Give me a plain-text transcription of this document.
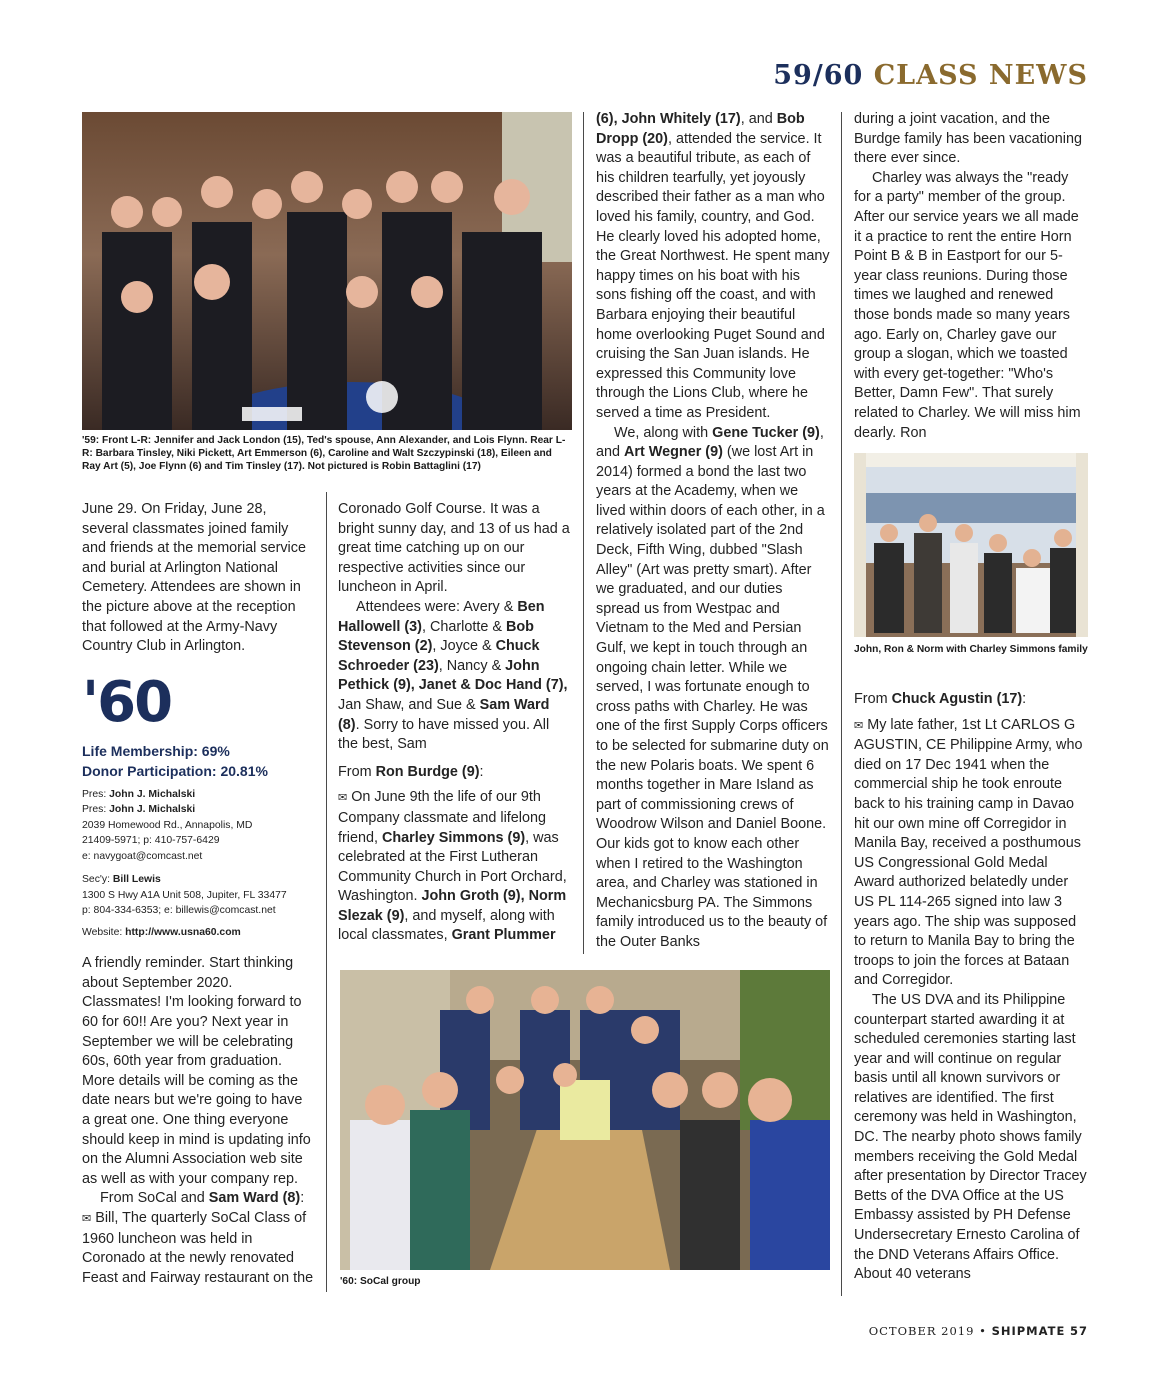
59/60 CLASS NEWS
'59: Front L-R: Jennifer and Jack London (15), Ted's spouse, Ann Alexander, and Lois Flynn. Rear L-R: Barbara Tinsley, Niki Pickett, Art Emmerson (6), Caroline and Walt Szczypinski (18), Eileen and Ray Art (5), Joe Flynn (6) and Tim Tinsley (17). Not pictured is Robin Battaglini (17)

June 29. On Friday, June 28, several classmates joined family and friends at the memorial service and burial at Arlington National Cemetery. Attendees are shown in the picture above at the reception that followed at the Army-Navy Country Club in Arlington.

'60
Life Membership: 69%
Donor Participation: 20.81%
Pres: John J. Michalski
Pres: John J. Michalski
2039 Homewood Rd., Annapolis, MD
21409-5971; p: 410-757-6429
e: navygoat@comcast.net
Sec'y: Bill Lewis
1300 S Hwy A1A Unit 508, Jupiter, FL 33477
p: 804-334-6353; e: billewis@comcast.net
Website: http://www.usna60.com

A friendly reminder. Start thinking about September 2020. Classmates! I'm looking forward to 60 for 60!! Are you? Next year in September we will be celebrating 60s, 60th year from graduation. More details will be coming as the date nears but we're going to have a great one. One thing everyone should keep in mind is updating info on the Alumni Association web site as well as with your company rep.

From SoCal and Sam Ward (8):

✉ Bill, The quarterly SoCal Class of 1960 luncheon was held in Coronado at the newly renovated Feast and Fairway restaurant on the

Coronado Golf Course. It was a bright sunny day, and 13 of us had a great time catching up on our respective activities since our luncheon in April.

Attendees were: Avery & Ben Hallowell (3), Charlotte & Bob Stevenson (2), Joyce & Chuck Schroeder (23), Nancy & John Pethick (9), Janet & Doc Hand (7), Jan Shaw, and Sue & Sam Ward (8). Sorry to have missed you. All the best, Sam

From Ron Burdge (9):

✉ On June 9th the life of our 9th Company classmate and lifelong friend, Charley Simmons (9), was celebrated at the First Lutheran Community Church in Port Orchard, Washington. John Groth (9), Norm Slezak (9), and myself, along with local classmates, Grant Plummer

(6), John Whitely (17), and Bob Dropp (20), attended the service. It was a beautiful tribute, as each of his children tearfully, yet joyously described their father as a man who loved his family, country, and God. He clearly loved his adopted home, the Great Northwest. He spent many happy times on his boat with his sons fishing off the coast, and with Barbara enjoying their beautiful home overlooking Puget Sound and cruising the San Juan islands. He expressed this Community love through the Lions Club, where he served a time as President.

We, along with Gene Tucker (9), and Art Wegner (9) (we lost Art in 2014) formed a bond the last two years at the Academy, when we lived within doors of each other, in a relatively isolated part of the 2nd Deck, Fifth Wing, dubbed "Slash Alley" (Art was pretty smart). After we graduated, and our duties spread us from Westpac and Vietnam to the Med and Persian Gulf, we kept in touch through an ongoing chain letter. While we served, I was fortunate enough to cross paths with Charley. He was one of the first Supply Corps officers to be selected for submarine duty on the new Polaris boats. We spent 6 months together in Mare Island as part of commissioning crews of Woodrow Wilson and Daniel Boone. Our kids got to know each other when I retired to the Washington area, and Charley was stationed in Mechanicsburg PA. The Simmons family introduced us to the beauty of the Outer Banks

'60: SoCal group

during a joint vacation, and the Burdge family has been vacationing there ever since.

Charley was always the "ready for a party" member of the group. After our service years we all made it a practice to rent the entire Horn Point B & B in Eastport for our 5-year class reunions. During those times we laughed and renewed those bonds made so many years ago. Early on, Charley gave our group a slogan, which we toasted with every get-together: "Who's Better, Damn Few". That surely related to Charley. We will miss him dearly. Ron

John, Ron & Norm with Charley Simmons family

From Chuck Agustin (17):

✉ My late father, 1st Lt CARLOS G AGUSTIN, CE Philippine Army, who died on 17 Dec 1941 when the commercial ship he took enroute back to his training camp in Davao hit our own mine off Corregidor in Manila Bay, received a posthumous US Congressional Gold Medal Award authorized belatedly under US PL 114-265 signed into law 3 years ago. The ship was supposed to return to Manila Bay to bring the troops to join the forces at Bataan and Corregidor.

The US DVA and its Philippine counterpart started awarding it at scheduled ceremonies starting last year and will continue on regular basis until all known survivors or relatives are identified. The first ceremony was held in Washington, DC. The nearby photo shows family members receiving the Gold Medal after presentation by Director Tracey Betts of the DVA Office at the US Embassy assisted by PH Defense Undersecretary Ernesto Carolina of the DND Veterans Affairs Office. About 40 veterans

OCTOBER 2019 • SHIPMATE 57
